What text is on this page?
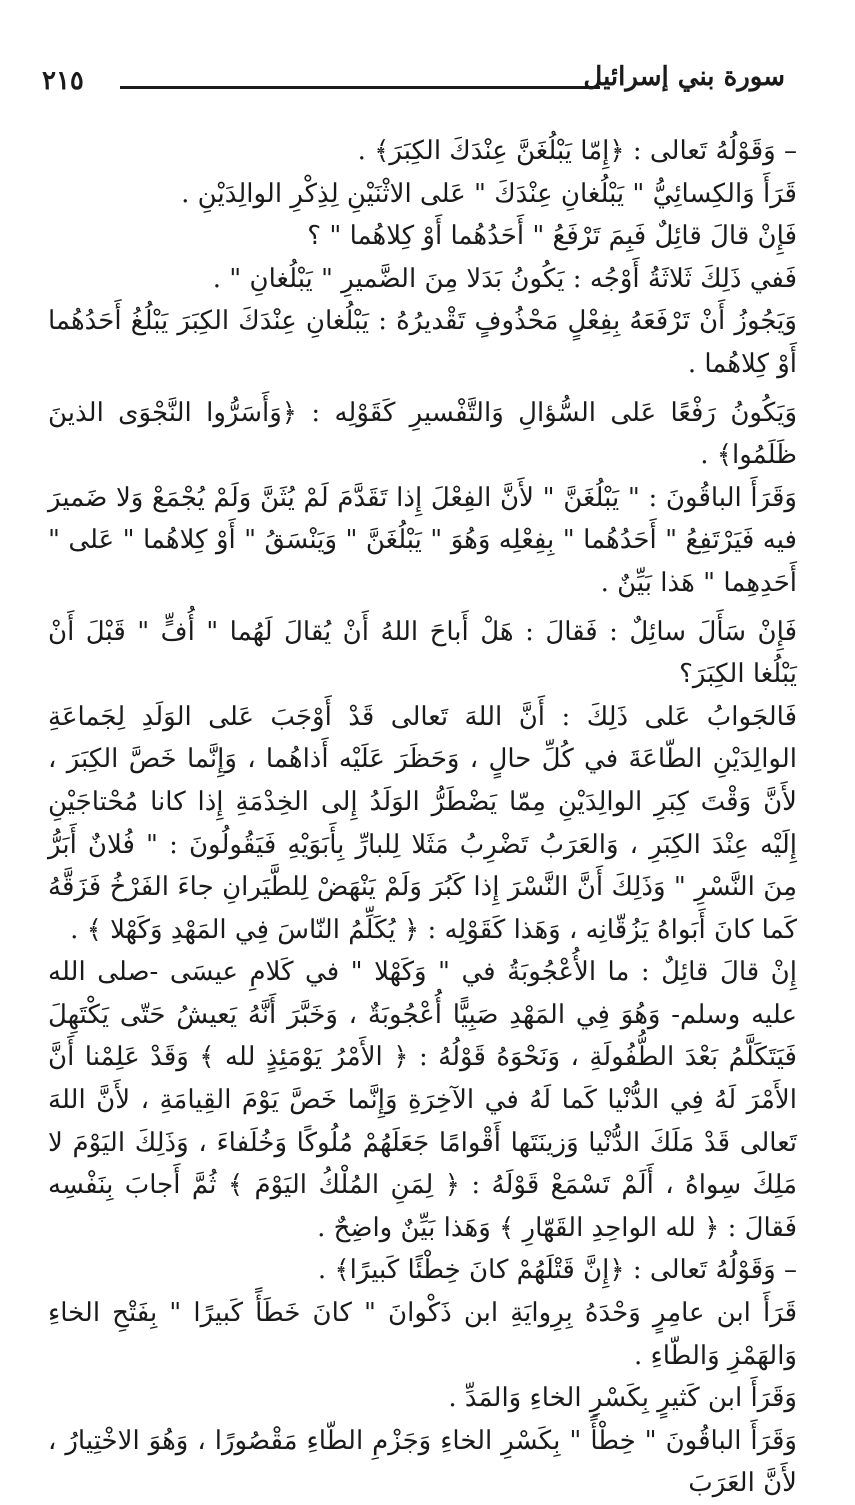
٢١٥	سورة بني إسرائيل

– وَقَوْلُهُ تَعالى : ﴿إِمّا يَبْلُغَنَّ عِنْدَكَ الكِبَرَ﴾ .

قَرَأَ وَالكِسائِيُّ " يَبْلُغانِ عِنْدَكَ " عَلى الاثْنَيْنِ لِذِكْرِ الوالِدَيْنِ .

فَإِنْ قالَ قائِلٌ فَبِمَ تَرْفَعُ " أَحَدُهُما أَوْ كِلاهُما " ؟

فَفي ذَلِكَ ثَلاثَةُ أَوْجُه : يَكُونُ بَدَلا مِنَ الضَّميرِ " يَبْلُغانِ " .

وَيَجُوزُ أَنْ تَرْفَعَهُ بِفِعْلٍ مَحْذُوفٍ تَقْديرُهُ : يَبْلُغانِ عِنْدَكَ الكِبَرَ يَبْلُغُ أَحَدُهُما أَوْ كِلاهُما .

وَيَكُونُ رَفْعًا عَلى السُّؤالِ وَالتَّفْسيرِ كَقَوْلِه : ﴿وَأَسَرُّوا النَّجْوَى الذينَ ظَلَمُوا﴾ .

وَقَرَأَ الباقُونَ : " يَبْلُغَنَّ " لأَنَّ الفِعْلَ إِذا تَقَدَّمَ لَمْ يُثَنَّ وَلَمْ يُجْمَعْ وَلا ضَميرَ فيه فَيَرْتَفِعُ " أَحَدُهُما " بِفِعْلِه وَهُوَ " يَبْلُغَنَّ " وَيَنْسَقُ " أَوْ كِلاهُما " عَلى " أَحَدِهِما " هَذا بَيِّنٌ .

فَإِنْ سَأَلَ سائِلٌ : فَقالَ : هَلْ أَباحَ اللهُ أَنْ يُقالَ لَهُما " أُفٍّ " قَبْلَ أَنْ يَبْلُغا الكِبَرَ؟

فَالجَوابُ عَلى ذَلِكَ : أَنَّ اللهَ تَعالى قَدْ أَوْجَبَ عَلى الوَلَدِ لِجَماعَةِ الوالِدَيْنِ الطّاعَةَ في كُلِّ حالٍ ، وَحَظَرَ عَلَيْه أَذاهُما ، وَإِنَّما خَصَّ الكِبَرَ ، لأَنَّ وَقْتَ كِبَرِ الوالِدَيْنِ مِمّا يَضْطَرُّ الوَلَدُ إِلى الخِدْمَةِ إِذا كانا مُحْتاجَيْنِ إِلَيْه عِنْدَ الكِبَرِ ، وَالعَرَبُ تَضْرِبُ مَثَلا لِلبارِّ بِأَبَوَيْهِ فَيَقُولُونَ : " فُلانٌ أَبَرُّ مِنَ النَّسْرِ " وَذَلِكَ أَنَّ النَّسْرَ إِذا كَبُرَ وَلَمْ يَنْهَضْ لِلطَّيَرانِ جاءَ الفَرْخُ فَزَقَّهُ كَما كانَ أَبَواهُ يَزُقّانِه ، وَهَذا كَقَوْلِه : ﴿ يُكَلِّمُ النّاسَ فِي المَهْدِ وَكَهْلا ﴾ .

إِنْ قالَ قائِلٌ : ما الأُعْجُوبَةُ في " وَكَهْلا " في كَلامِ عيسَى -صلى الله عليه وسلم- وَهُوَ فِي المَهْدِ صَبِيًّا أُعْجُوبَةٌ ، وَخَبَّرَ أَنَّهُ يَعيشُ حَتّى يَكْتَهِلَ فَيَتَكَلَّمُ بَعْدَ الطُّفُولَةِ ، وَنَحْوَهُ قَوْلُهُ : ﴿ الأَمْرُ يَوْمَئِذٍ لله ﴾ وَقَدْ عَلِمْنا أَنَّ الأَمْرَ لَهُ فِي الدُّنْيا كَما لَهُ في الآخِرَةِ وَإِنَّما خَصَّ يَوْمَ القِيامَةِ ، لأَنَّ اللهَ تَعالى قَدْ مَلَكَ الدُّنْيا وَزينَتَها أَقْوامًا جَعَلَهُمْ مُلُوكًا وَخُلَفاءَ ، وَذَلِكَ اليَوْمَ لا مَلِكَ سِواهُ ، أَلَمْ تَسْمَعْ قَوْلَهُ : ﴿ لِمَنِ المُلْكُ اليَوْمَ ﴾ ثُمَّ أَجابَ بِنَفْسِه فَقالَ : ﴿ لله الواحِدِ القَهّارِ ﴾ وَهَذا بَيِّنٌ واضِحٌ .

– وَقَوْلُهُ تَعالى : ﴿إِنَّ قَتْلَهُمْ كانَ خِطْئًا كَبيرًا﴾ .

قَرَأَ ابن عامِرٍ وَحْدَهُ بِرِوايَةِ ابن ذَكْوانَ " كانَ خَطَأً كَبيرًا " بِفَتْحِ الخاءِ وَالهَمْزِ وَالطّاءِ .

وَقَرَأَ ابن كَثيرٍ بِكَسْرِ الخاءِ وَالمَدِّ .

وَقَرَأَ الباقُونَ " خِطْأً " بِكَسْرِ الخاءِ وَجَزْمِ الطّاءِ مَقْصُورًا ، وَهُوَ الاخْتِيارُ ، لأَنَّ العَرَبَ
